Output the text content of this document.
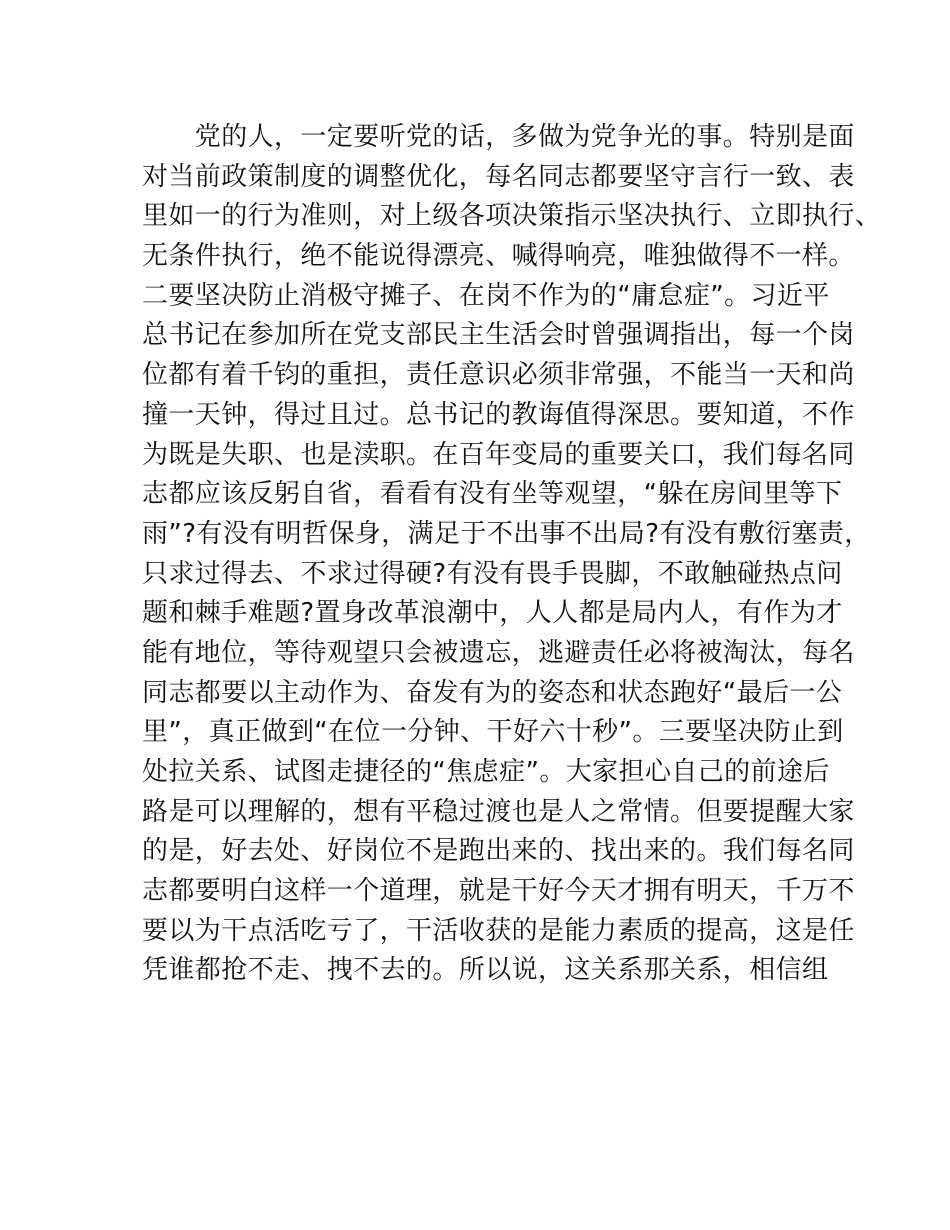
　　党的人，一定要听党的话，多做为党争光的事。特别是面
对当前政策制度的调整优化，每名同志都要坚守言行一致、表
里如一的行为准则，对上级各项决策指示坚决执行、立即执行、
无条件执行，绝不能说得漂亮、喊得响亮，唯独做得不一样。
二要坚决防止消极守摊子、在岗不作为的“庸怠症”。习近平
总书记在参加所在党支部民主生活会时曾强调指出，每一个岗
位都有着千钧的重担，责任意识必须非常强，不能当一天和尚
撞一天钟，得过且过。总书记的教诲值得深思。要知道，不作
为既是失职、也是渎职。在百年变局的重要关口，我们每名同
志都应该反躬自省，看看有没有坐等观望，“躲在房间里等下
雨”?有没有明哲保身，满足于不出事不出局?有没有敷衍塞责，
只求过得去、不求过得硬?有没有畏手畏脚，不敢触碰热点问
题和棘手难题?置身改革浪潮中，人人都是局内人，有作为才
能有地位，等待观望只会被遗忘，逃避责任必将被淘汰，每名
同志都要以主动作为、奋发有为的姿态和状态跑好“最后一公
里”，真正做到“在位一分钟、干好六十秒”。三要坚决防止到
处拉关系、试图走捷径的“焦虑症”。大家担心自己的前途后
路是可以理解的，想有平稳过渡也是人之常情。但要提醒大家
的是，好去处、好岗位不是跑出来的、找出来的。我们每名同
志都要明白这样一个道理，就是干好今天才拥有明天，千万不
要以为干点活吃亏了，干活收获的是能力素质的提高，这是任
凭谁都抢不走、拽不去的。所以说，这关系那关系，相信组
